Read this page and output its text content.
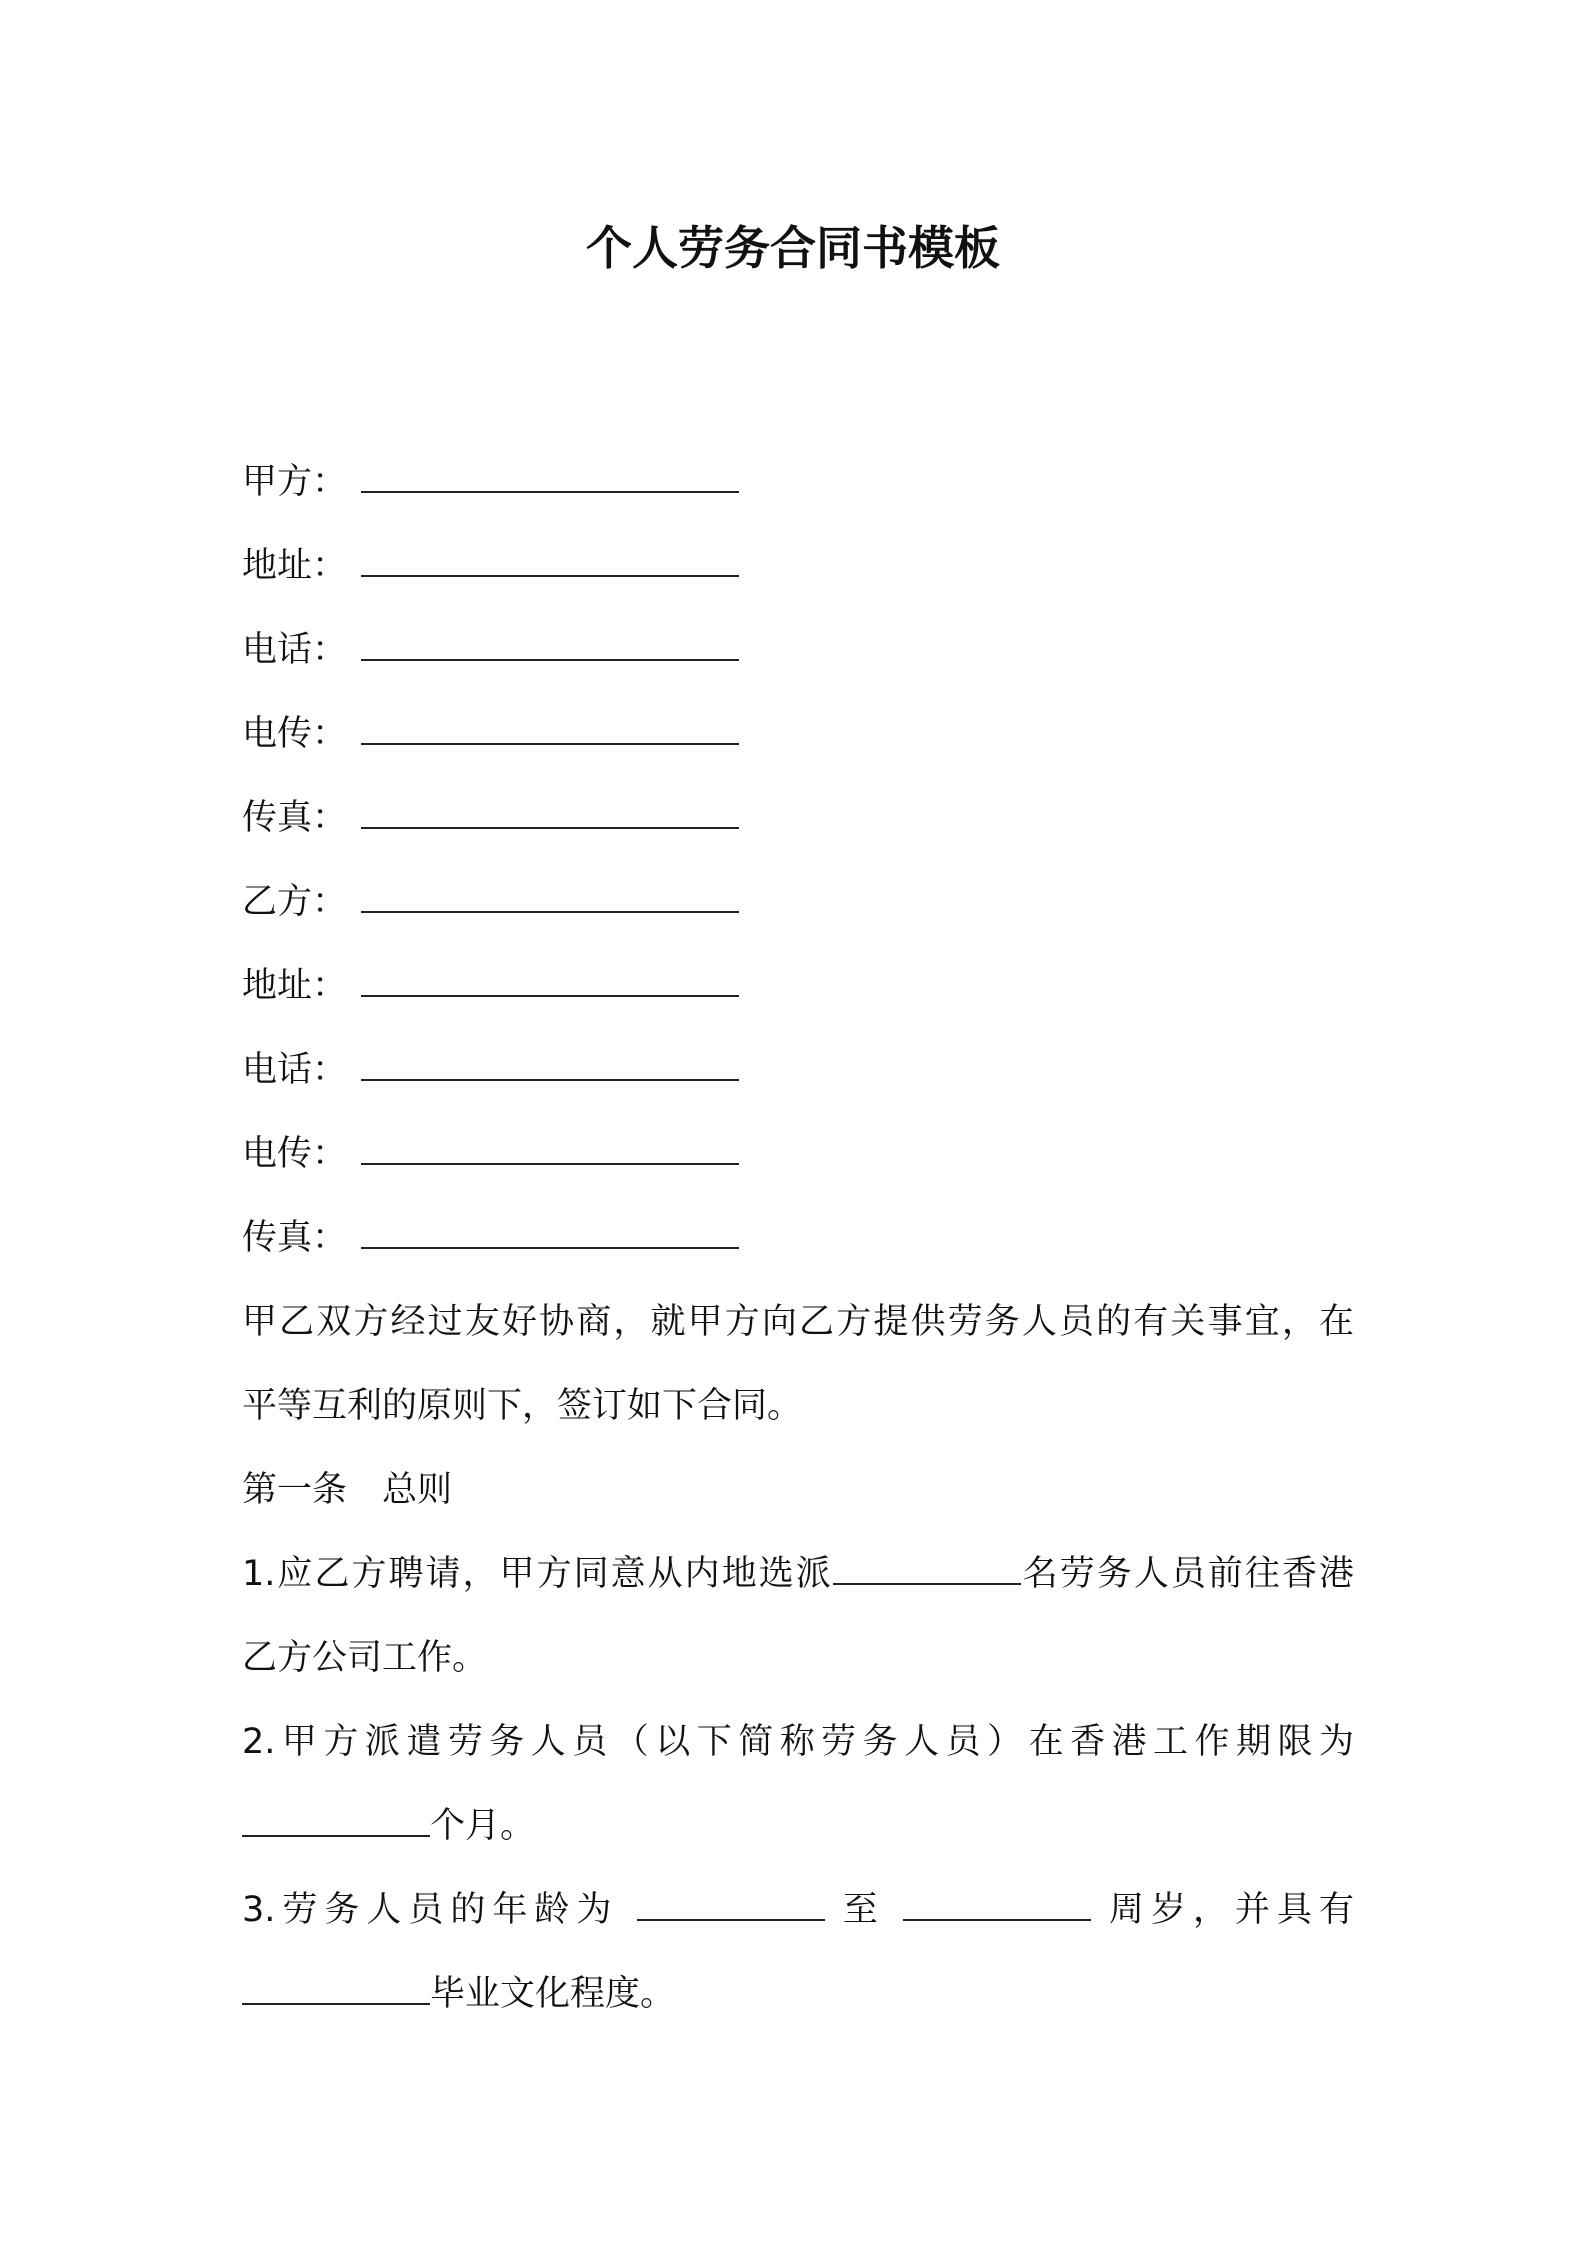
个人劳务合同书模板
甲方：
地址：
电话：
电传：
传真：
乙方：
地址：
电话：
电传：
传真：

甲乙双方经过友好协商，就甲方向乙方提供劳务人员的有关事宜，在

平等互利的原则下，签订如下合同。

第一条　总则

1.应乙方聘请，甲方同意从内地选派	名劳务人员前往香港

乙方公司工作。

2.甲方派遣劳务人员（以下简称劳务人员）在香港工作期限为

个月。

3.劳务人员的年龄为	至	周岁，并具有

毕业文化程度。
